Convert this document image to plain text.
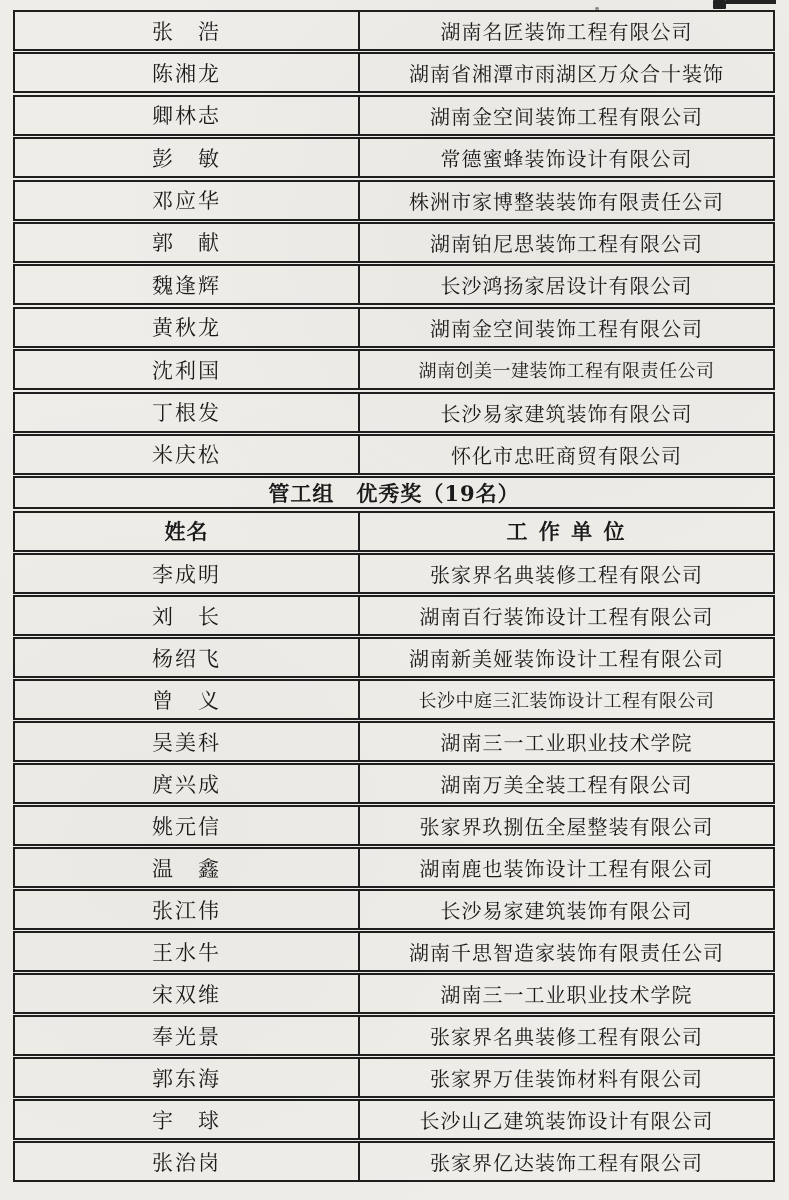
张　浩	湖南名匠装饰工程有限公司
陈湘龙	湖南省湘潭市雨湖区万众合十装饰
卿林志	湖南金空间装饰工程有限公司
彭　敏	常德蜜蜂装饰设计有限公司
邓应华	株洲市家博整装装饰有限责任公司
郭　献	湖南铂尼思装饰工程有限公司
魏逢辉	长沙鸿扬家居设计有限公司
黄秋龙	湖南金空间装饰工程有限公司
沈利国	湖南创美一建装饰工程有限责任公司
丁根发	长沙易家建筑装饰有限公司
米庆松	怀化市忠旺商贸有限公司
管工组　优秀奖（19名）
姓名	工 作 单 位
李成明	张家界名典装修工程有限公司
刘　长	湖南百行装饰设计工程有限公司
杨绍飞	湖南新美娅装饰设计工程有限公司
曾　义	长沙中庭三汇装饰设计工程有限公司
吴美科	湖南三一工业职业技术学院
庹兴成	湖南万美全装工程有限公司
姚元信	张家界玖捌伍全屋整装有限公司
温　鑫	湖南鹿也装饰设计工程有限公司
张江伟	长沙易家建筑装饰有限公司
王水牛	湖南千思智造家装饰有限责任公司
宋双维	湖南三一工业职业技术学院
奉光景	张家界名典装修工程有限公司
郭东海	张家界万佳装饰材料有限公司
宇　球	长沙山乙建筑装饰设计有限公司
张治岗	张家界亿达装饰工程有限公司
